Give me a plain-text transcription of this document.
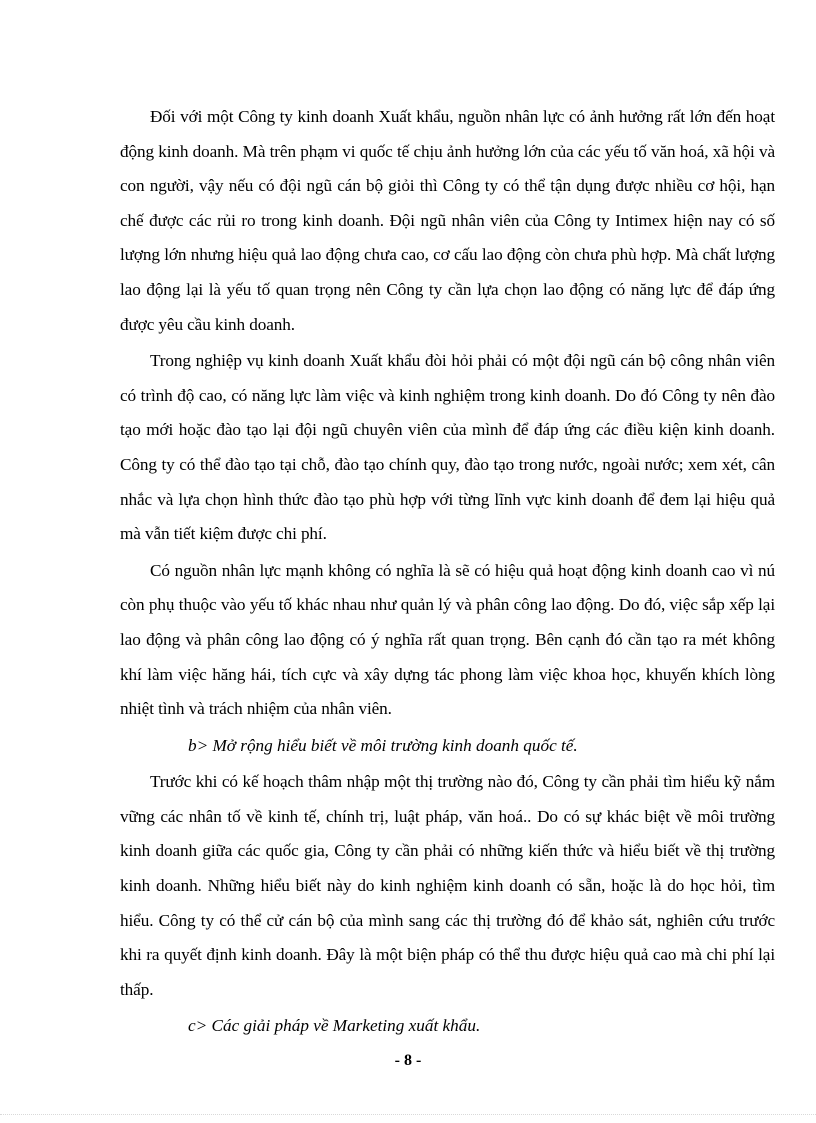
Đối với một Công ty kinh doanh Xuất khẩu, nguồn nhân lực có ảnh hưởng rất lớn đến hoạt động kinh doanh. Mà trên phạm vi quốc tế chịu ảnh hưởng lớn của các yếu tố văn hoá, xã hội và con người, vậy nếu có đội ngũ cán bộ giỏi thì Công ty có thể tận dụng được nhiều cơ hội, hạn chế được các rủi ro trong kinh doanh. Đội ngũ nhân viên của Công ty Intimex hiện nay có số lượng lớn nhưng hiệu quả lao động chưa cao, cơ cấu lao động còn chưa phù hợp. Mà chất lượng lao động lại là yếu tố quan trọng nên Công ty cần lựa chọn lao động có năng lực để đáp ứng được yêu cầu kinh doanh.

Trong nghiệp vụ kinh doanh Xuất khẩu đòi hỏi phải có một đội ngũ cán bộ công nhân viên có trình độ cao, có năng lực làm việc và kinh nghiệm trong kinh doanh. Do đó Công ty nên đào tạo mới hoặc đào tạo lại đội ngũ chuyên viên của mình để đáp ứng các điều kiện kinh doanh. Công ty có thể đào tạo tại chỗ, đào tạo chính quy, đào tạo trong nước, ngoài nước; xem xét, cân nhắc và lựa chọn hình thức đào tạo phù hợp với từng lĩnh vực kinh doanh để đem lại hiệu quả mà vẫn tiết kiệm được chi phí.

Có nguồn nhân lực mạnh không có nghĩa là sẽ có hiệu quả hoạt động kinh doanh cao vì nú còn phụ thuộc vào yếu tố khác nhau như quản lý và phân công lao động. Do đó, việc sắp xếp lại lao động và phân công lao động có ý nghĩa rất quan trọng. Bên cạnh đó cần tạo ra mét không khí làm việc hăng hái, tích cực và xây dựng tác phong làm việc khoa học, khuyến khích lòng nhiệt tình và trách nhiệm của nhân viên.

b> Mở rộng hiểu biết về môi trường kinh doanh quốc tế.

Trước khi có kế hoạch thâm nhập một thị trường nào đó, Công ty cần phải tìm hiểu kỹ nắm vững các nhân tố về kinh tế, chính trị, luật pháp, văn hoá.. Do có sự khác biệt về môi trường kinh doanh giữa các quốc gia, Công ty cần phải có những kiến thức và hiểu biết về thị trường kinh doanh. Những hiểu biết này do kinh nghiệm kinh doanh có sẵn, hoặc là do học hỏi, tìm hiểu. Công ty có thể cử cán bộ của mình sang các thị trường đó để khảo sát, nghiên cứu trước khi ra quyết định kinh doanh. Đây là một biện pháp có thể thu được hiệu quả cao mà chi phí lại thấp.

c> Các giải pháp về Marketing xuất khẩu.

- 8 -
